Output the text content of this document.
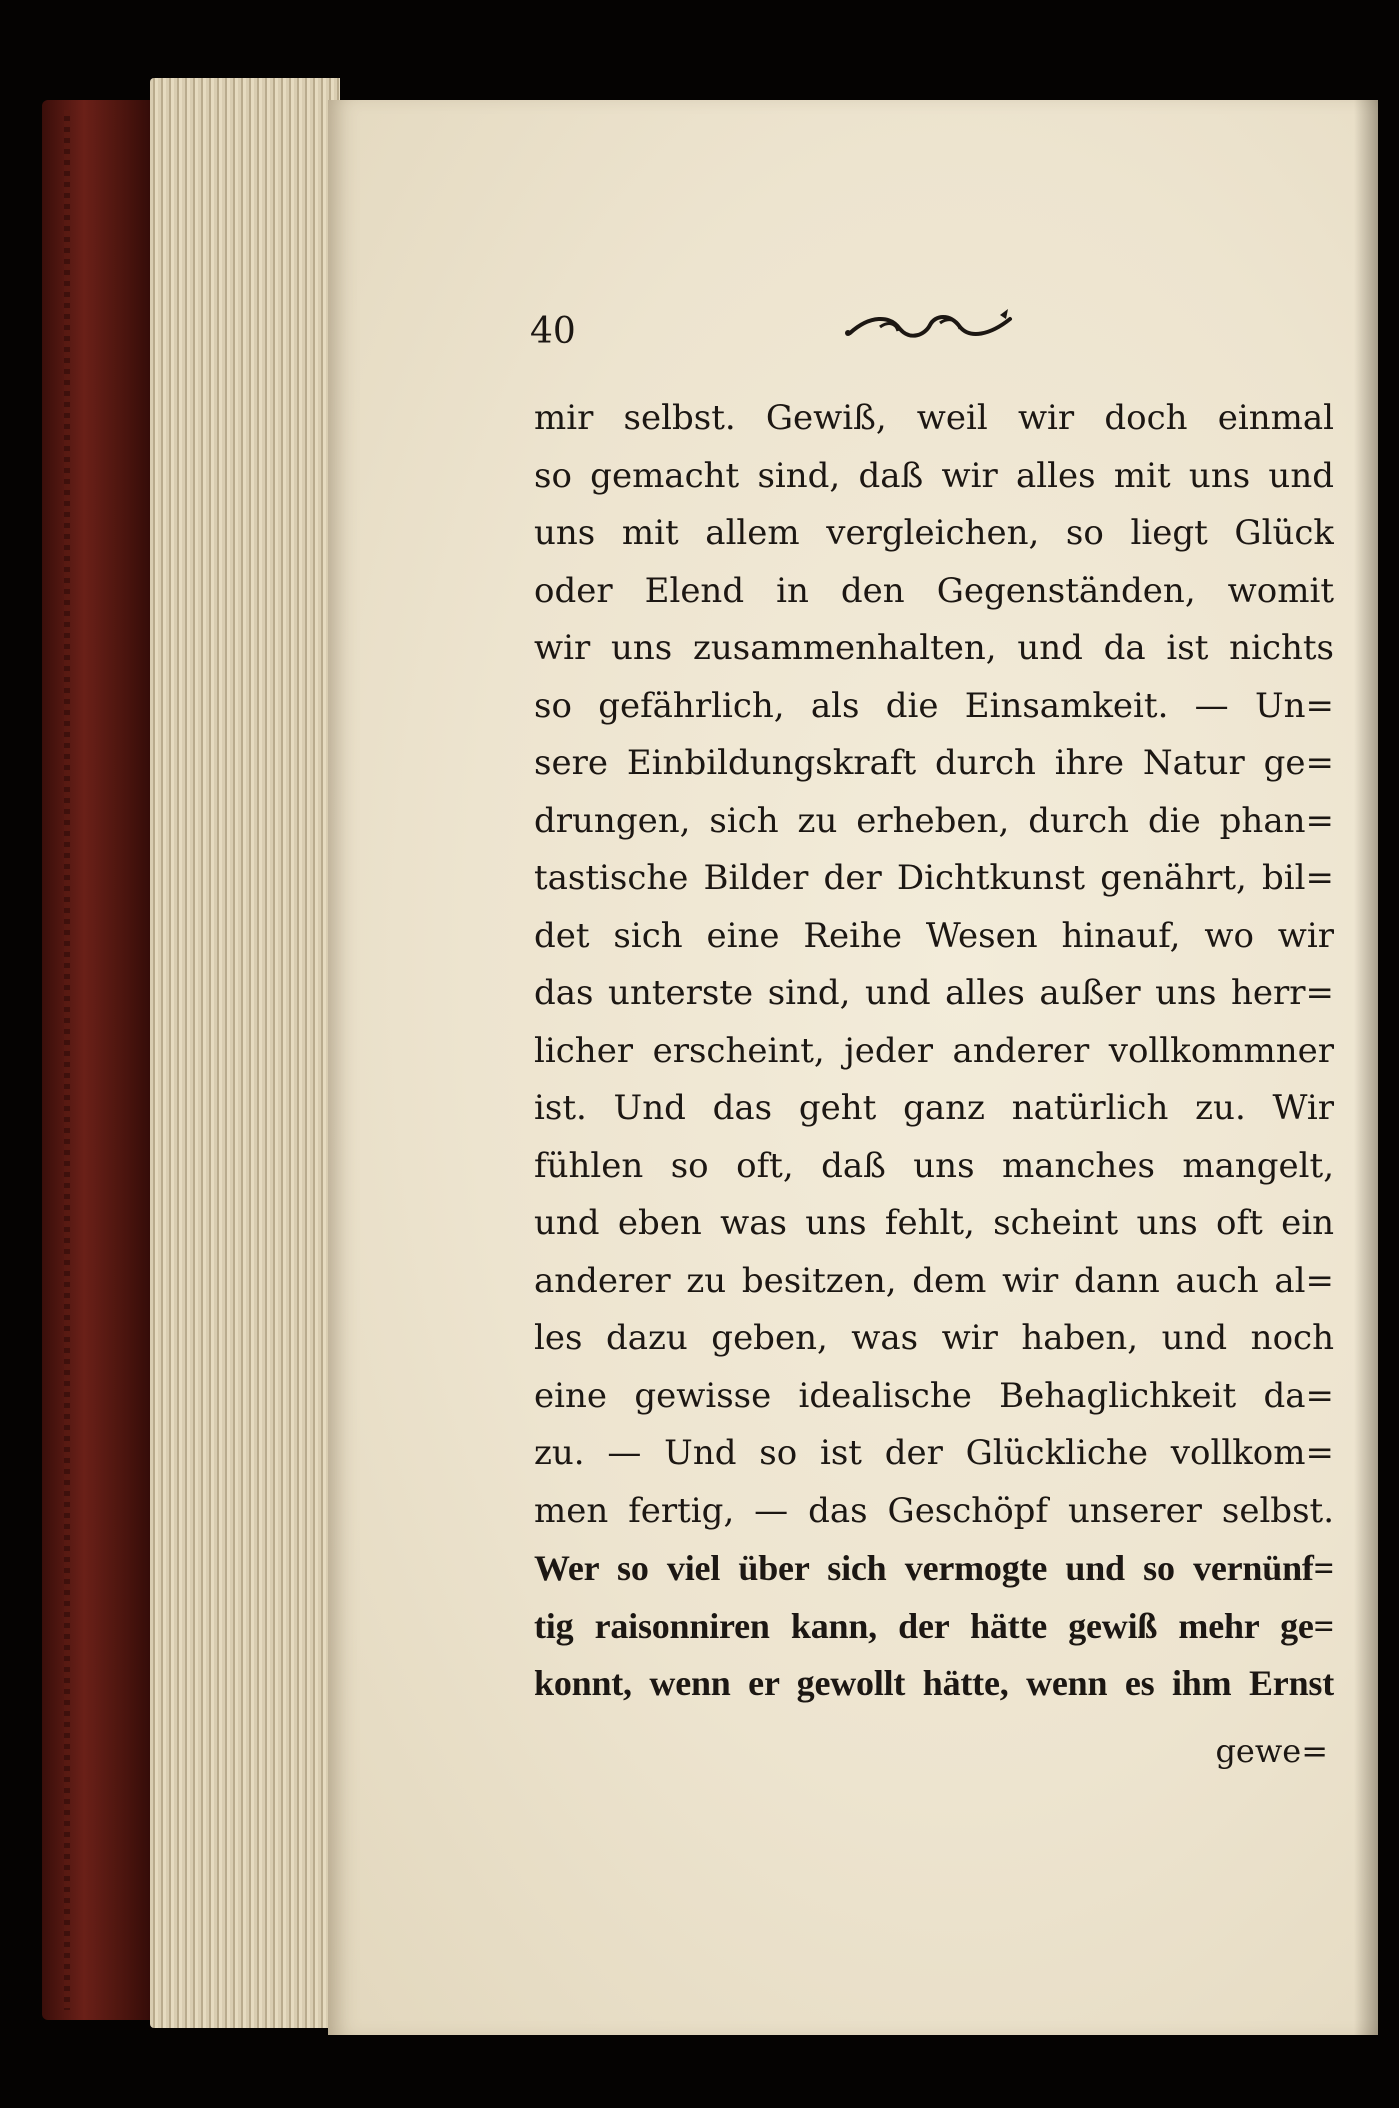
40
mir selbst. Gewiß, weil wir doch einmal
so gemacht sind, daß wir alles mit uns und
uns mit allem vergleichen, so liegt Glück
oder Elend in den Gegenständen, womit
wir uns zusammenhalten, und da ist nichts
so gefährlich, als die Einsamkeit. — Un=
sere Einbildungskraft durch ihre Natur ge=
drungen, sich zu erheben, durch die phan=
tastische Bilder der Dichtkunst genährt, bil=
det sich eine Reihe Wesen hinauf, wo wir
das unterste sind, und alles außer uns herr=
licher erscheint, jeder anderer vollkommner
ist. Und das geht ganz natürlich zu. Wir
fühlen so oft, daß uns manches mangelt,
und eben was uns fehlt, scheint uns oft ein
anderer zu besitzen, dem wir dann auch al=
les dazu geben, was wir haben, und noch
eine gewisse idealische Behaglichkeit da=
zu. — Und so ist der Glückliche vollkom=
men fertig, — das Geschöpf unserer selbst.
Wer so viel über sich vermogte und so vernünf=
tig raisonniren kann, der hätte gewiß mehr ge=
konnt, wenn er gewollt hätte, wenn es ihm Ernst
gewe=
